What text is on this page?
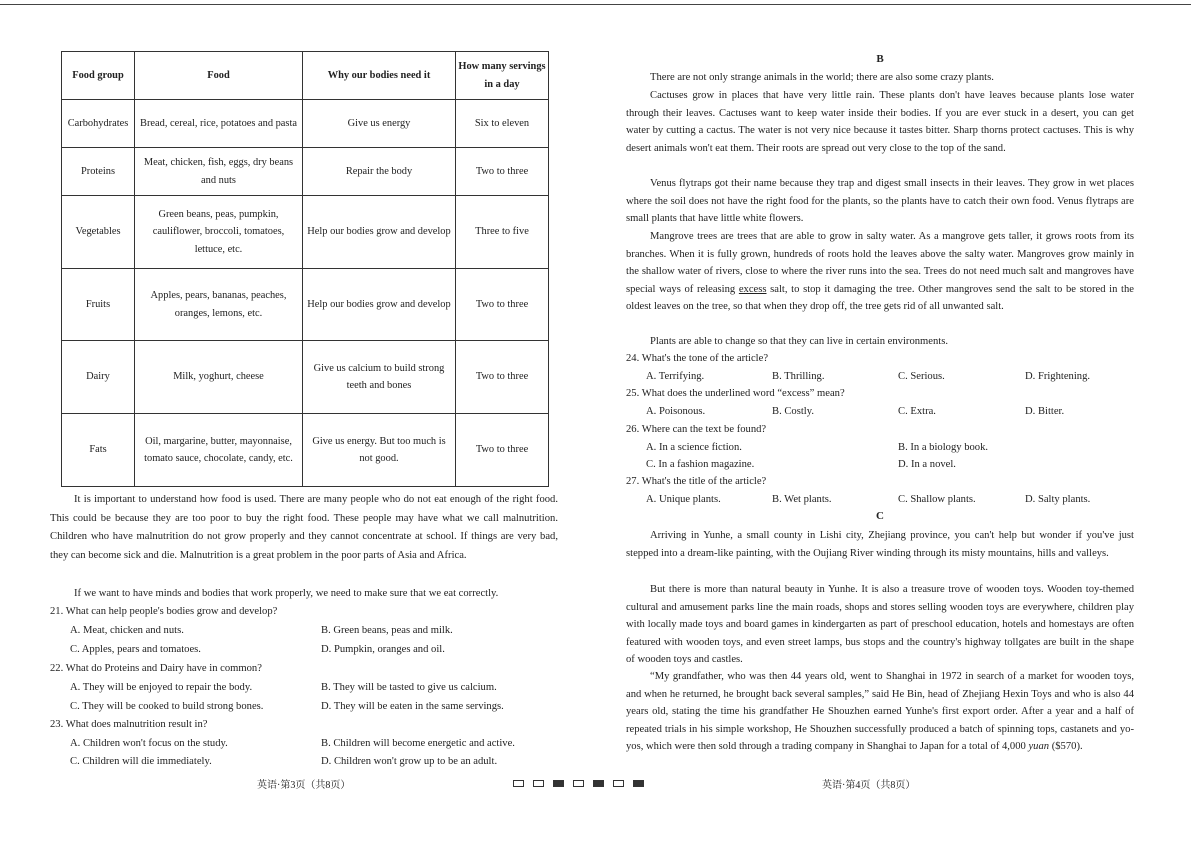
Food group	Food	Why our bodies need it	How many servings in a day
Carbohydrates	Bread, cereal, rice, potatoes and pasta	Give us energy	Six to eleven
Proteins	Meat, chicken, fish, eggs, dry beans and nuts	Repair the body	Two to three
Vegetables	Green beans, peas, pumpkin, cauliflower, broccoli, tomatoes, lettuce, etc.	Help our bodies grow and develop	Three to five
Fruits	Apples, pears, bananas, peaches, oranges, lemons, etc.	Help our bodies grow and develop	Two to three
Dairy	Milk, yoghurt, cheese	Give us calcium to build strong teeth and bones	Two to three
Fats	Oil, margarine, butter, mayonnaise, tomato sauce, chocolate, candy, etc.	Give us energy. But too much is not good.	Two to three
It is important to understand how food is used. There are many people who do not eat enough of the right food. This could be because they are too poor to buy the right food. These people may have what we call malnutrition. Children who have malnutrition do not grow properly and they cannot concentrate at school. If things are very bad, they can become sick and die. Malnutrition is a great problem in the poor parts of Asia and Africa.
If we want to have minds and bodies that work properly, we need to make sure that we eat correctly.
21. What can help people's bodies grow and develop?
A. Meat, chicken and nuts.	B. Green beans, peas and milk.
C. Apples, pears and tomatoes.	D. Pumpkin, oranges and oil.
22. What do Proteins and Dairy have in common?
A. They will be enjoyed to repair the body.	B. They will be tasted to give us calcium.
C. They will be cooked to build strong bones.	D. They will be eaten in the same servings.
23. What does malnutrition result in?
A. Children won't focus on the study.	B. Children will become energetic and active.
C. Children will die immediately.	D. Children won't grow up to be an adult.
英语·第3页（共8页）
B
There are not only strange animals in the world; there are also some crazy plants.
Cactuses grow in places that have very little rain. These plants don't have leaves because plants lose water through their leaves. Cactuses want to keep water inside their bodies. If you are ever stuck in a desert, you can get water by cutting a cactus. The water is not very nice because it tastes bitter. Sharp thorns protect cactuses. This is why desert animals won't eat them. Their roots are spread out very close to the top of the sand.
Venus flytraps got their name because they trap and digest small insects in their leaves. They grow in wet places where the soil does not have the right food for the plants, so the plants have to catch their own food. Venus flytraps are small plants that have little white flowers.
Mangrove trees are trees that are able to grow in salty water. As a mangrove gets taller, it grows roots from its branches. When it is fully grown, hundreds of roots hold the leaves above the salty water. Mangroves grow mainly in the shallow water of rivers, close to where the river runs into the sea. Trees do not need much salt and mangroves have special ways of releasing excess salt, to stop it damaging the tree. Other mangroves send the salt to be stored in the oldest leaves on the tree, so that when they drop off, the tree gets rid of all unwanted salt.
Plants are able to change so that they can live in certain environments.
24. What's the tone of the article?
A. Terrifying.	B. Thrilling.	C. Serious.	D. Frightening.
25. What does the underlined word “excess” mean?
A. Poisonous.	B. Costly.	C. Extra.	D. Bitter.
26. Where can the text be found?
A. In a science fiction.	B. In a biology book.
C. In a fashion magazine.	D. In a novel.
27. What's the title of the article?
A. Unique plants.	B. Wet plants.	C. Shallow plants.	D. Salty plants.
C
Arriving in Yunhe, a small county in Lishi city, Zhejiang province, you can't help but wonder if you've just stepped into a dream-like painting, with the Oujiang River winding through its misty mountains, hills and valleys.
But there is more than natural beauty in Yunhe. It is also a treasure trove of wooden toys. Wooden toy-themed cultural and amusement parks line the main roads, shops and stores selling wooden toys are everywhere, children play with locally made toys and board games in kindergarten as part of preschool education, hotels and homestays are often featured with wooden toys, and even street lamps, bus stops and the country's highway tollgates are built in the shape of wooden toys and castles.
“My grandfather, who was then 44 years old, went to Shanghai in 1972 in search of a market for wooden toys, and when he returned, he brought back several samples,” said He Bin, head of Zhejiang Hexin Toys and who is also 44 years old, stating the time his grandfather He Shouzhen earned Yunhe's first export order. After a year and a half of repeated trials in his simple workshop, He Shouzhen successfully produced a batch of spinning tops, castanets and yo-yos, which were then sold through a trading company in Shanghai to Japan for a total of 4,000 yuan ($570).
英语·第4页（共8页）
